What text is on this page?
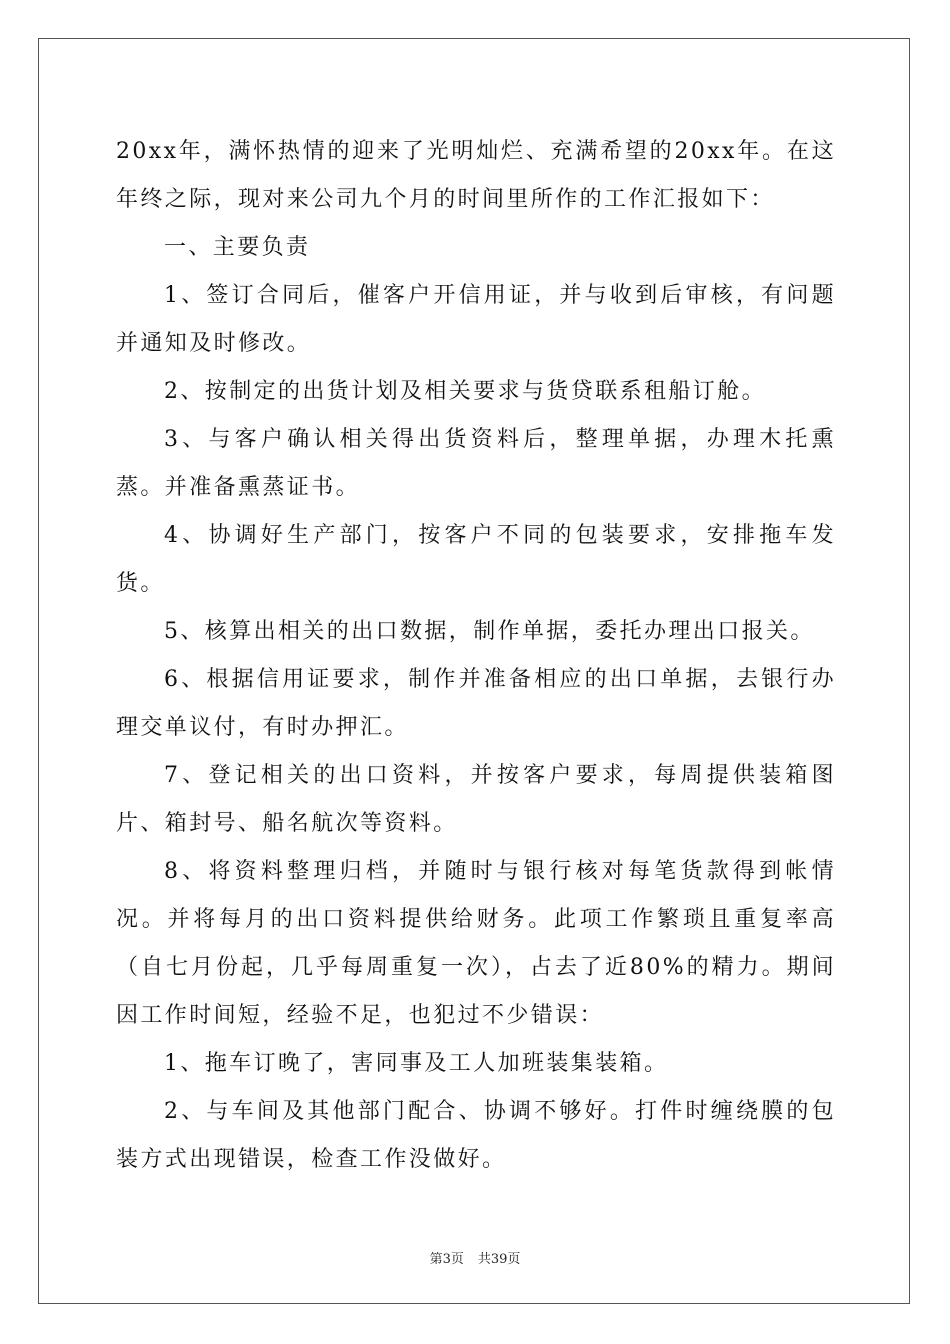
20xx年，满怀热情的迎来了光明灿烂、充满希望的20xx年。在这年终之际，现对来公司九个月的时间里所作的工作汇报如下：

一、主要负责

1、签订合同后，催客户开信用证，并与收到后审核，有问题并通知及时修改。

2、按制定的出货计划及相关要求与货贷联系租船订舱。

3、与客户确认相关得出货资料后，整理单据，办理木托熏蒸。并准备熏蒸证书。

4、协调好生产部门，按客户不同的包装要求，安排拖车发货。

5、核算出相关的出口数据，制作单据，委托办理出口报关。

6、根据信用证要求，制作并准备相应的出口单据，去银行办理交单议付，有时办押汇。

7、登记相关的出口资料，并按客户要求，每周提供装箱图片、箱封号、船名航次等资料。

8、将资料整理归档，并随时与银行核对每笔货款得到帐情况。并将每月的出口资料提供给财务。此项工作繁琐且重复率高（自七月份起，几乎每周重复一次），占去了近80%的精力。期间因工作时间短，经验不足，也犯过不少错误：

1、拖车订晚了，害同事及工人加班装集装箱。

2、与车间及其他部门配合、协调不够好。打件时缠绕膜的包装方式出现错误，检查工作没做好。

第3页 共39页
